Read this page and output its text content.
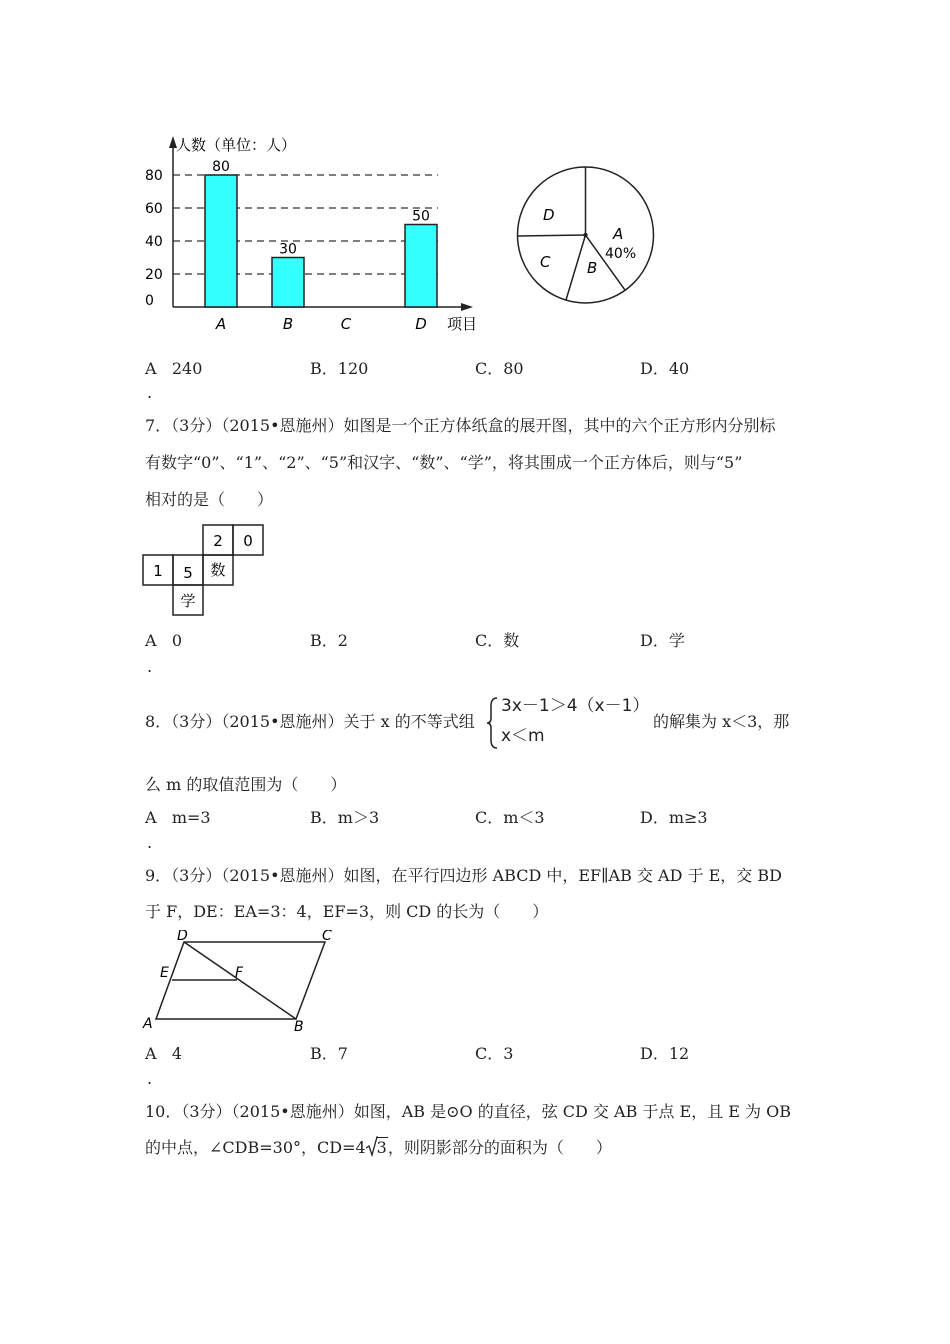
80
60
40
20
0
人数（单位：人）
80
A
30
B	C
50
D 项目
D
A
40%
C B
A 240	B．120	C．80	D．40
.
7．（3分）（2015•恩施州）如图是一个正方体纸盒的展开图，其中的六个正方形内分别标
有数字“0”、“1”、“2”、“5”和汉字、“数”、“学”，将其围成一个正方体后，则与“5”
相对的是（　　）
2 0
1 5 数
学
A 0	B．2	C．数	D．学
.
8．（3分）（2015•恩施州）关于 x 的不等式组
3x－1＞4（x－1）
x＜m
的解集为 x＜3，那
么 m 的取值范围为（　　）
A m=3	B．m＞3	C．m＜3	D．m≥3
.
9．（3分）（2015•恩施州）如图，在平行四边形 ABCD 中，EF∥AB 交 AD 于 E，交 BD
于 F，DE：EA=3：4，EF=3，则 CD 的长为（　　）
D	C
E	F
A	B
A 4	B．7	C．3	D．12
.
10．（3分）（2015•恩施州）如图，AB 是⊙O 的直径，弦 CD 交 AB 于点 E，且 E 为 OB
的中点，∠CDB=30°，CD=4 3，则阴影部分的面积为（　　）
